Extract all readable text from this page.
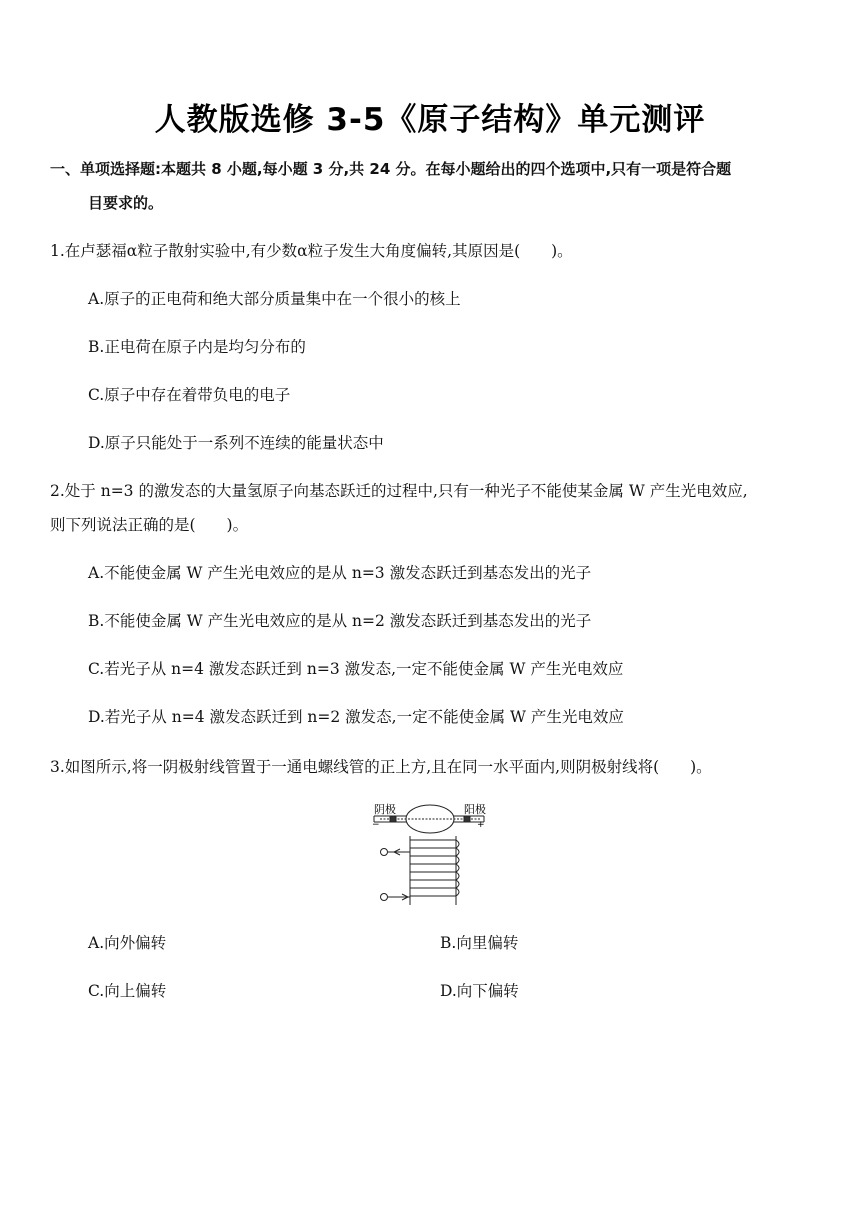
人教版选修 3-5《原子结构》单元测评
一、单项选择题:本题共 8 小题,每小题 3 分,共 24 分。在每小题给出的四个选项中,只有一项是符合题
目要求的。
1.在卢瑟福α粒子散射实验中,有少数α粒子发生大角度偏转,其原因是(　　)。
A.原子的正电荷和绝大部分质量集中在一个很小的核上
B.正电荷在原子内是均匀分布的
C.原子中存在着带负电的电子
D.原子只能处于一系列不连续的能量状态中
2.处于 n=3 的激发态的大量氢原子向基态跃迁的过程中,只有一种光子不能使某金属 W 产生光电效应,
则下列说法正确的是(　　)。
A.不能使金属 W 产生光电效应的是从 n=3 激发态跃迁到基态发出的光子
B.不能使金属 W 产生光电效应的是从 n=2 激发态跃迁到基态发出的光子
C.若光子从 n=4 激发态跃迁到 n=3 激发态,一定不能使金属 W 产生光电效应
D.若光子从 n=4 激发态跃迁到 n=2 激发态,一定不能使金属 W 产生光电效应
3.如图所示,将一阴极射线管置于一通电螺线管的正上方,且在同一水平面内,则阴极射线将(　　)。
阴极	阳极
−	+
A.向外偏转	B.向里偏转
C.向上偏转	D.向下偏转
